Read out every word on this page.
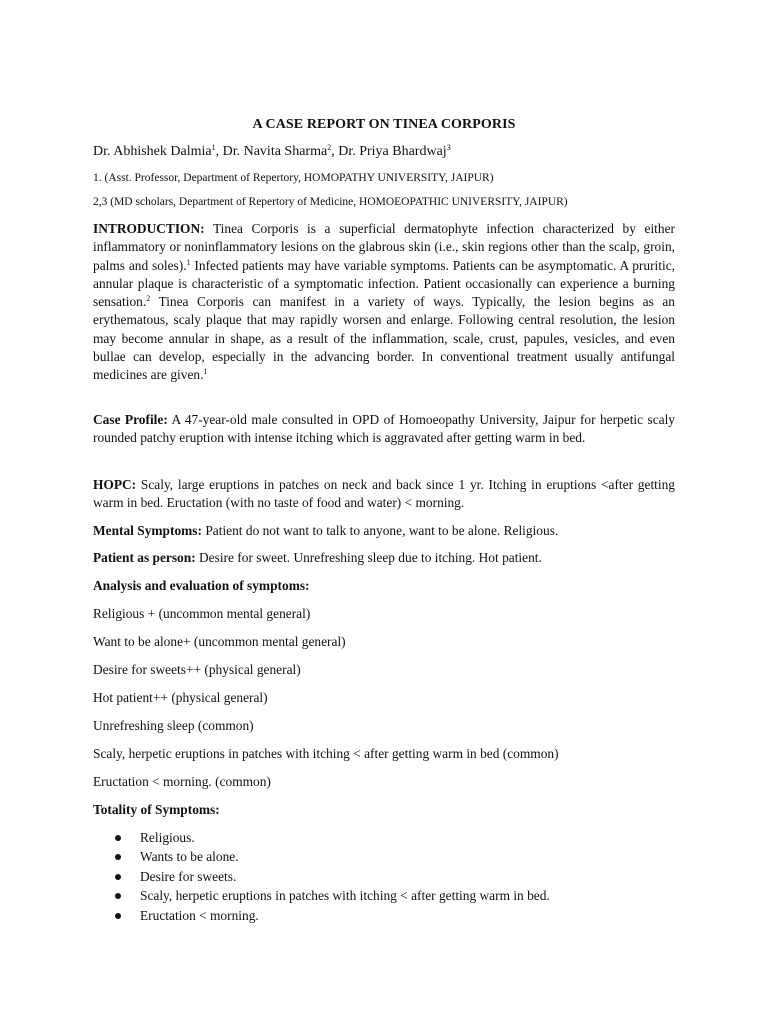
A CASE REPORT ON TINEA CORPORIS
Dr. Abhishek Dalmia$^1$, Dr. Navita Sharma$^2$, Dr. Priya Bhardwaj$^3$
1. (Asst. Professor, Department of Repertory, HOMOPATHY UNIVERSITY, JAIPUR)
2,3 (MD scholars, Department of Repertory of Medicine, HOMOEOPATHIC UNIVERSITY, JAIPUR)
INTRODUCTION: Tinea Corporis is a superficial dermatophyte infection characterized by either inflammatory or noninflammatory lesions on the glabrous skin (i.e., skin regions other than the scalp, groin, palms and soles).$^1$ Infected patients may have variable symptoms. Patients can be asymptomatic. A pruritic, annular plaque is characteristic of a symptomatic infection. Patient occasionally can experience a burning sensation.$^2$ Tinea Corporis can manifest in a variety of ways. Typically, the lesion begins as an erythematous, scaly plaque that may rapidly worsen and enlarge. Following central resolution, the lesion may become annular in shape, as a result of the inflammation, scale, crust, papules, vesicles, and even bullae can develop, especially in the advancing border. In conventional treatment usually antifungal medicines are given.$^1$
Case Profile: A 47-year-old male consulted in OPD of Homoeopathy University, Jaipur for herpetic scaly rounded patchy eruption with intense itching which is aggravated after getting warm in bed.
HOPC: Scaly, large eruptions in patches on neck and back since 1 yr. Itching in eruptions <after getting warm in bed. Eructation (with no taste of food and water) < morning.
Mental Symptoms: Patient do not want to talk to anyone, want to be alone. Religious.
Patient as person: Desire for sweet. Unrefreshing sleep due to itching. Hot patient.
Analysis and evaluation of symptoms:
Religious + (uncommon mental general)
Want to be alone+ (uncommon mental general)
Desire for sweets++ (physical general)
Hot patient++ (physical general)
Unrefreshing sleep (common)
Scaly, herpetic eruptions in patches with itching < after getting warm in bed (common)
Eructation < morning. (common)
Totality of Symptoms:
Religious.
Wants to be alone.
Desire for sweets.
Scaly, herpetic eruptions in patches with itching < after getting warm in bed.
Eructation < morning.
